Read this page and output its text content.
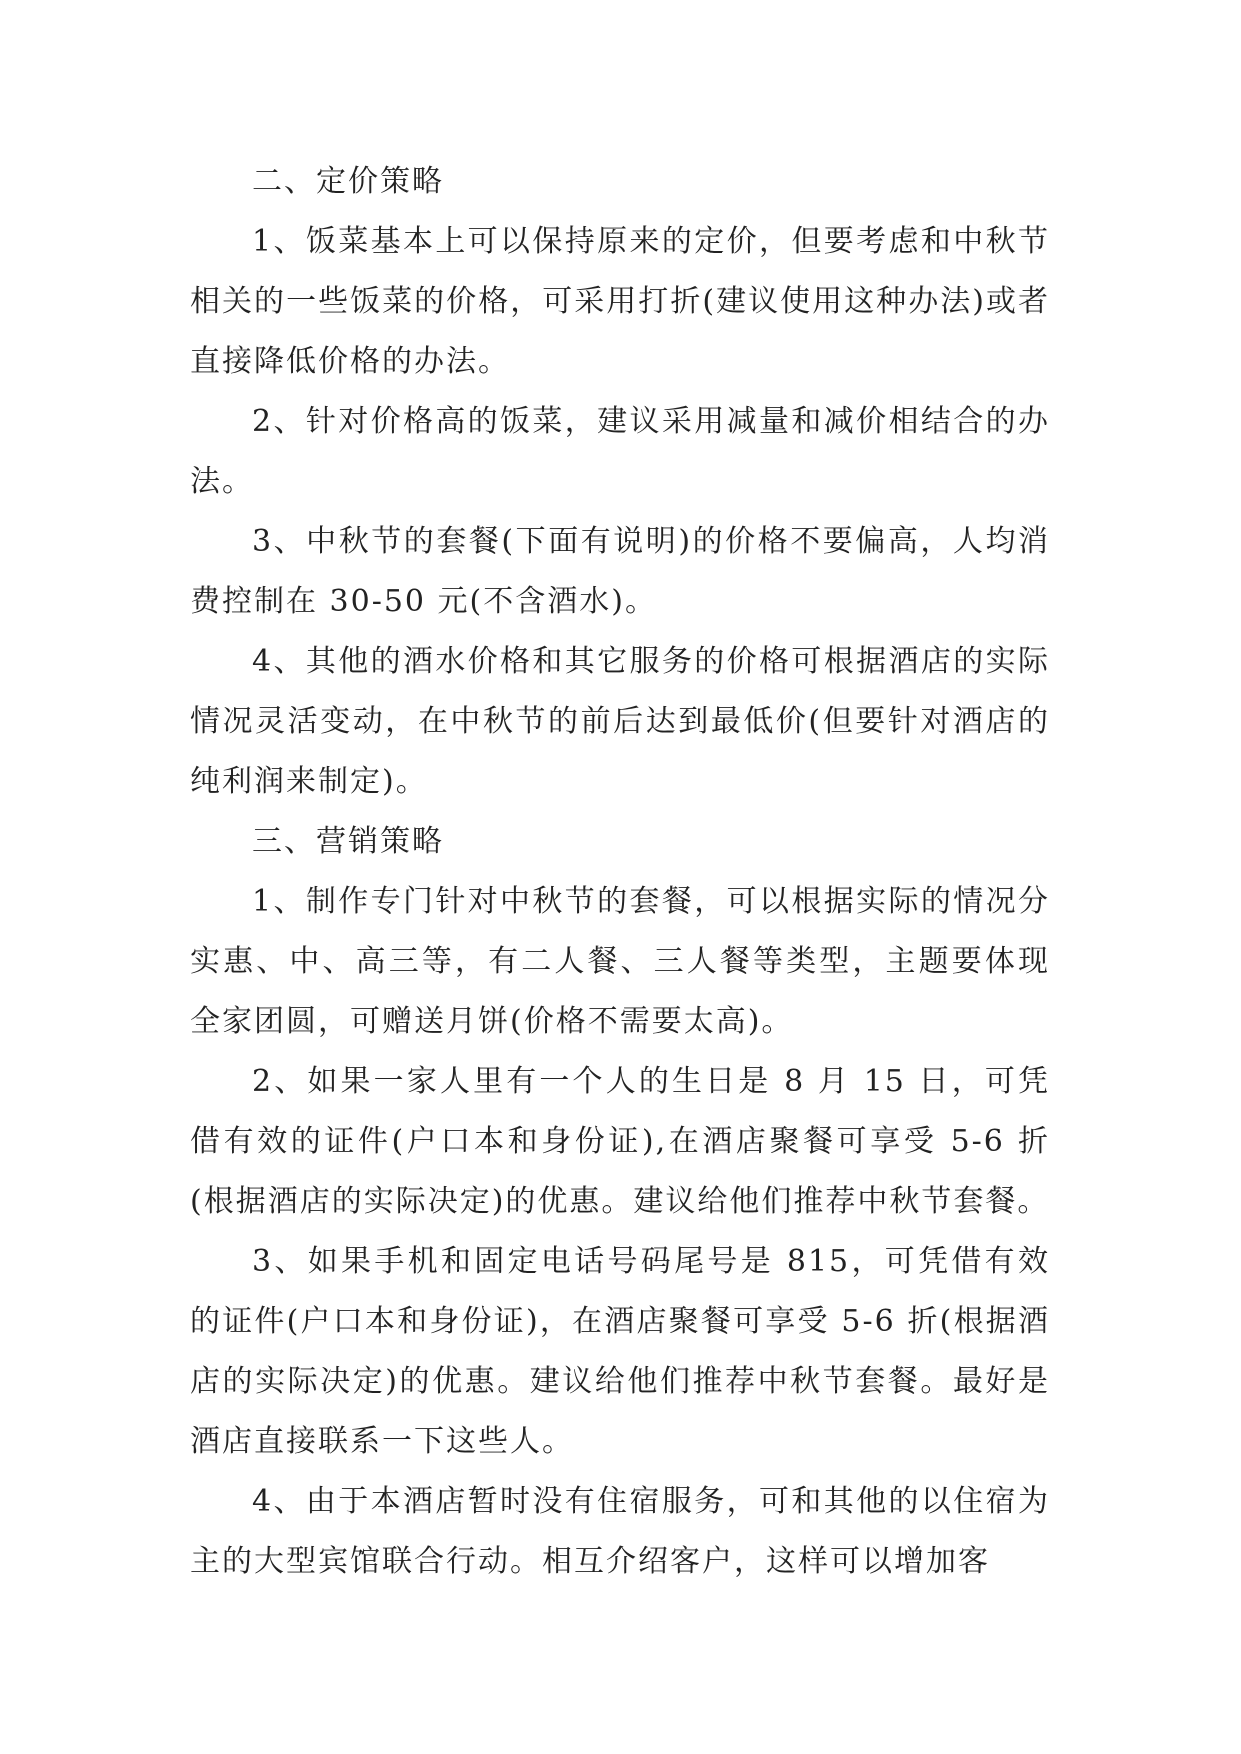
二、定价策略

1、饭菜基本上可以保持原来的定价，但要考虑和中秋节相关的一些饭菜的价格，可采用打折(建议使用这种办法)或者直接降低价格的办法。

2、针对价格高的饭菜，建议采用减量和减价相结合的办法。

3、中秋节的套餐(下面有说明)的价格不要偏高，人均消费控制在 30-50 元(不含酒水)。

4、其他的酒水价格和其它服务的价格可根据酒店的实际情况灵活变动，在中秋节的前后达到最低价(但要针对酒店的纯利润来制定)。

三、营销策略

1、制作专门针对中秋节的套餐，可以根据实际的情况分实惠、中、高三等，有二人餐、三人餐等类型，主题要体现全家团圆，可赠送月饼(价格不需要太高)。

2、如果一家人里有一个人的生日是 8 月 15 日，可凭借有效的证件(户口本和身份证),在酒店聚餐可享受 5-6 折(根据酒店的实际决定)的优惠。建议给他们推荐中秋节套餐。

3、如果手机和固定电话号码尾号是 815，可凭借有效的证件(户口本和身份证)，在酒店聚餐可享受 5-6 折(根据酒店的实际决定)的优惠。建议给他们推荐中秋节套餐。最好是酒店直接联系一下这些人。

4、由于本酒店暂时没有住宿服务，可和其他的以住宿为主的大型宾馆联合行动。相互介绍客户，这样可以增加客
